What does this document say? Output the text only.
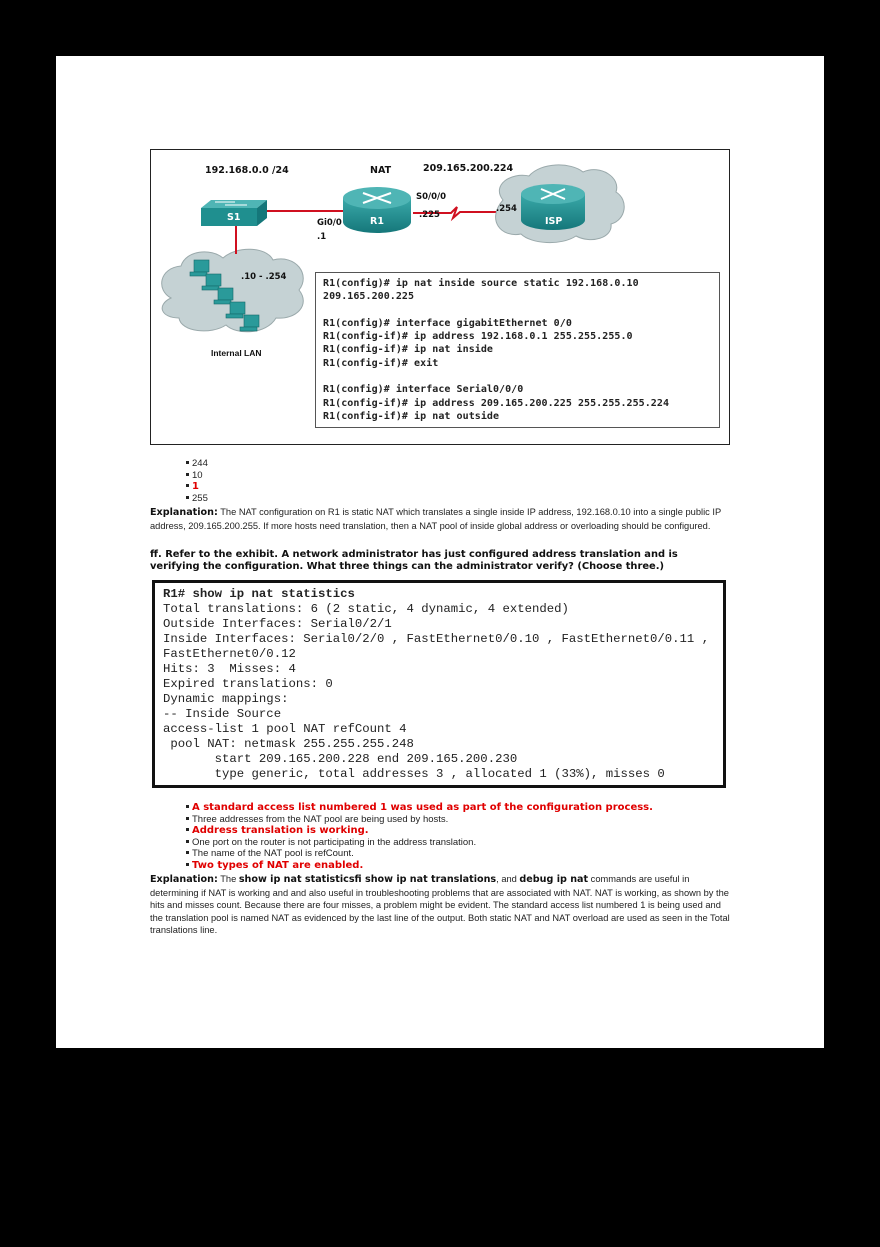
192.168.0.0 /24	NAT	209.165.200.224
S1	R1	ISP
Gi0/0
.1
S0/0/0
.225
.254
.10 - .254
Internal LAN
R1(config)# ip nat inside source static 192.168.0.10
209.165.200.225
R1(config)# interface gigabitEthernet 0/0
R1(config-if)# ip address 192.168.0.1 255.255.255.0
R1(config-if)# ip nat inside
R1(config-if)# exit
R1(config)# interface Serial0/0/0
R1(config-if)# ip address 209.165.200.225 255.255.255.224
R1(config-if)# ip nat outside
244
10
1
255
Explanation: The NAT configuration on R1 is static NAT which translates a single inside IP address, 192.168.0.10 into a single public IP address, 209.165.200.255. If more hosts need translation, then a NAT pool of inside global address or overloading should be configured.
ff. Refer to the exhibit. A network administrator has just configured address translation and is verifying the configuration. What three things can the administrator verify? (Choose three.)
R1# show ip nat statistics
Total translations: 6 (2 static, 4 dynamic, 4 extended)
Outside Interfaces: Serial0/2/1
Inside Interfaces: Serial0/2/0 , FastEthernet0/0.10 , FastEthernet0/0.11 ,
FastEthernet0/0.12
Hits: 3  Misses: 4
Expired translations: 0
Dynamic mappings:
-- Inside Source
access-list 1 pool NAT refCount 4
pool NAT: netmask 255.255.255.248
start 209.165.200.228 end 209.165.200.230
type generic, total addresses 3 , allocated 1 (33%), misses 0
A standard access list numbered 1 was used as part of the configuration process.
Three addresses from the NAT pool are being used by hosts.
Address translation is working.
One port on the router is not participating in the address translation.
The name of the NAT pool is refCount.
Two types of NAT are enabled.
Explanation: The show ip nat statisticsfi show ip nat translations, and debug ip nat commands are useful in determining if NAT is working and and also useful in troubleshooting problems that are associated with NAT. NAT is working, as shown by the hits and misses count. Because there are four misses, a problem might be evident. The standard access list numbered 1 is being used and the translation pool is named NAT as evidenced by the last line of the output. Both static NAT and NAT overload are used as seen in the Total translations line.
